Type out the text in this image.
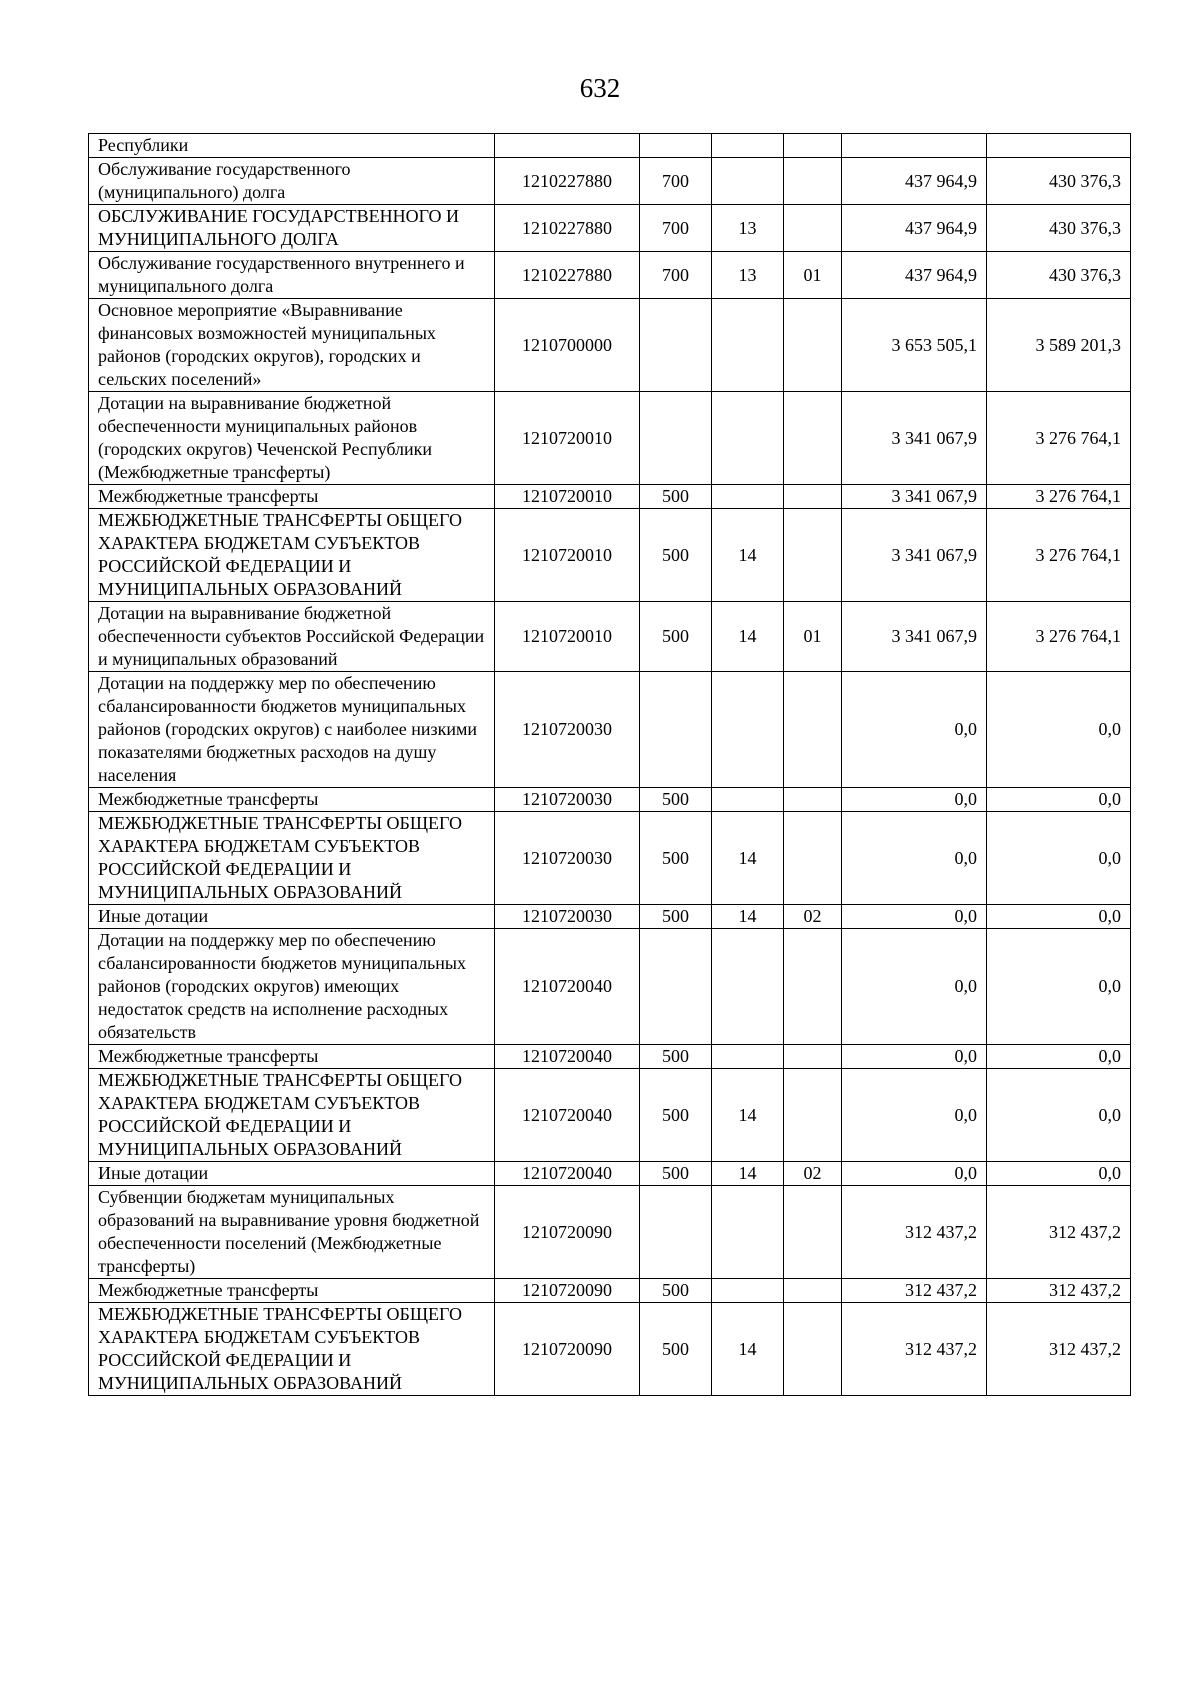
632
Республики						
Обслуживание государственного (муниципального) долга	1210227880	700			437 964,9	430 376,3
ОБСЛУЖИВАНИЕ ГОСУДАРСТВЕННОГО И МУНИЦИПАЛЬНОГО ДОЛГА	1210227880	700	13		437 964,9	430 376,3
Обслуживание государственного внутреннего и муниципального долга	1210227880	700	13	01	437 964,9	430 376,3
Основное мероприятие «Выравнивание финансовых возможностей муниципальных районов (городских округов), городских и сельских поселений»	1210700000				3 653 505,1	3 589 201,3
Дотации на выравнивание бюджетной обеспеченности муниципальных районов (городских округов) Чеченской Республики (Межбюджетные трансферты)	1210720010				3 341 067,9	3 276 764,1
Межбюджетные трансферты	1210720010	500			3 341 067,9	3 276 764,1
МЕЖБЮДЖЕТНЫЕ ТРАНСФЕРТЫ ОБЩЕГО ХАРАКТЕРА БЮДЖЕТАМ СУБЪЕКТОВ РОССИЙСКОЙ ФЕДЕРАЦИИ И МУНИЦИПАЛЬНЫХ ОБРАЗОВАНИЙ	1210720010	500	14		3 341 067,9	3 276 764,1
Дотации на выравнивание бюджетной обеспеченности субъектов Российской Федерации и муниципальных образований	1210720010	500	14	01	3 341 067,9	3 276 764,1
Дотации на поддержку мер по обеспечению сбалансированности бюджетов муниципальных районов (городских округов) с наиболее низкими показателями бюджетных расходов на душу населения	1210720030				0,0	0,0
Межбюджетные трансферты	1210720030	500			0,0	0,0
МЕЖБЮДЖЕТНЫЕ ТРАНСФЕРТЫ ОБЩЕГО ХАРАКТЕРА БЮДЖЕТАМ СУБЪЕКТОВ РОССИЙСКОЙ ФЕДЕРАЦИИ И МУНИЦИПАЛЬНЫХ ОБРАЗОВАНИЙ	1210720030	500	14		0,0	0,0
Иные дотации	1210720030	500	14	02	0,0	0,0
Дотации на поддержку мер по обеспечению сбалансированности бюджетов муниципальных районов (городских округов) имеющих недостаток средств на исполнение расходных обязательств	1210720040				0,0	0,0
Межбюджетные трансферты	1210720040	500			0,0	0,0
МЕЖБЮДЖЕТНЫЕ ТРАНСФЕРТЫ ОБЩЕГО ХАРАКТЕРА БЮДЖЕТАМ СУБЪЕКТОВ РОССИЙСКОЙ ФЕДЕРАЦИИ И МУНИЦИПАЛЬНЫХ ОБРАЗОВАНИЙ	1210720040	500	14		0,0	0,0
Иные дотации	1210720040	500	14	02	0,0	0,0
Субвенции бюджетам муниципальных образований на выравнивание уровня бюджетной обеспеченности поселений (Межбюджетные трансферты)	1210720090				312 437,2	312 437,2
Межбюджетные трансферты	1210720090	500			312 437,2	312 437,2
МЕЖБЮДЖЕТНЫЕ ТРАНСФЕРТЫ ОБЩЕГО ХАРАКТЕРА БЮДЖЕТАМ СУБЪЕКТОВ РОССИЙСКОЙ ФЕДЕРАЦИИ И МУНИЦИПАЛЬНЫХ ОБРАЗОВАНИЙ	1210720090	500	14		312 437,2	312 437,2
